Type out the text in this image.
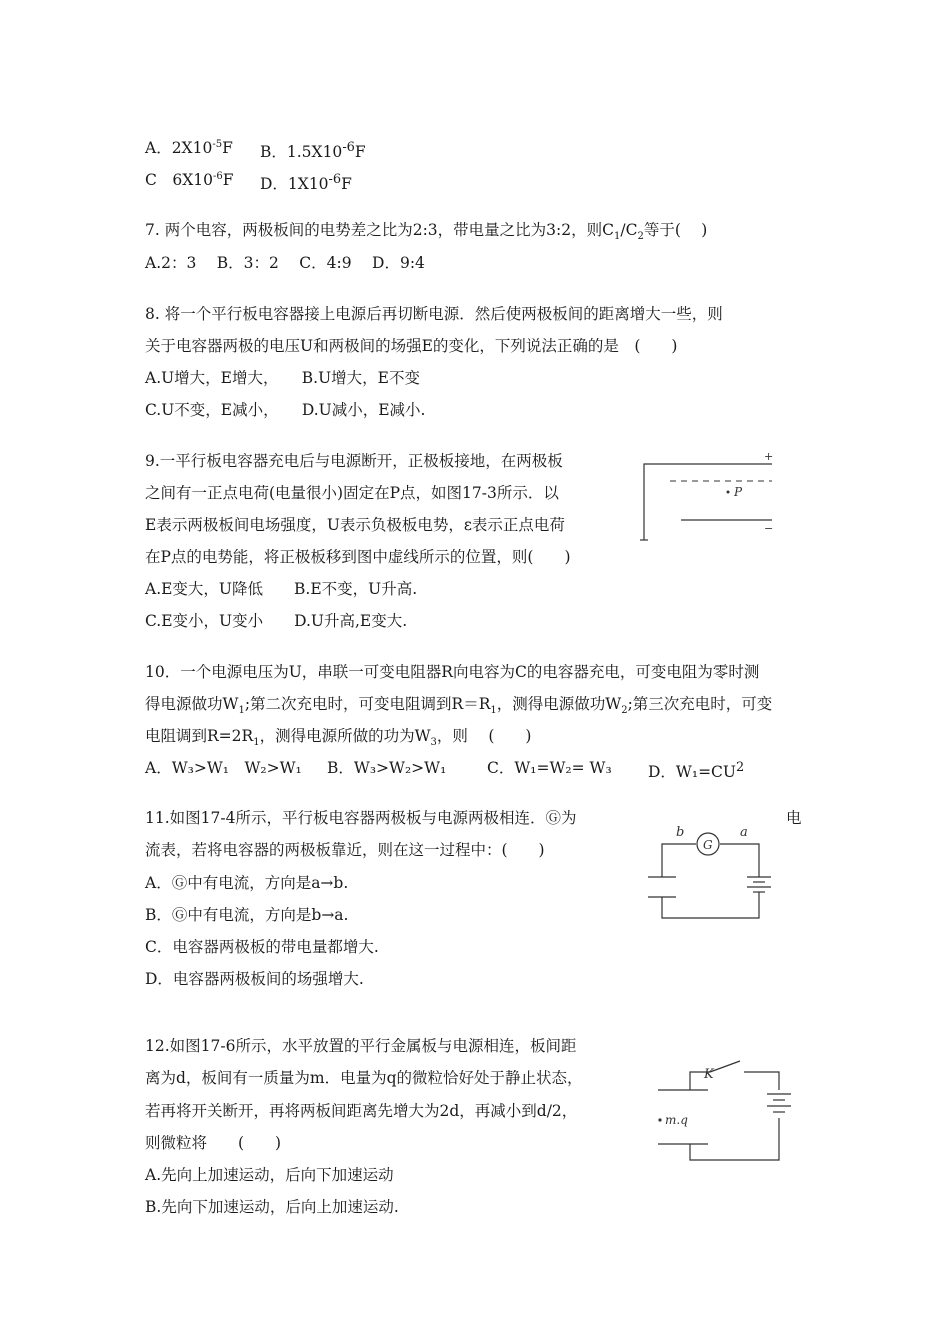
A．$2X10^{-5}F$ B．$1.5X10^{-6}F$
C　$6X10^{-6}F$ D．$1X10^{-6}F$
7. 两个电容，两极板间的电势差之比为2:3，带电量之比为3:2，则$C_1/C_2$等于(　 )
A.2：3　 B．3：2　 C．4:9　 D．9:4
8. 将一个平行板电容器接上电源后再切断电源．然后使两极板间的距离增大一些，则
关于电容器两极的电压U和两极间的场强E的变化，下列说法正确的是　(　　)
A.U增大，E增大，　　B.U增大，E不变
C.U不变，E减小，　　D.U减小，E减小.
9.一平行板电容器充电后与电源断开，正极板接地，在两极板
之间有一正点电荷(电量很小)固定在P点，如图17-3所示．以
E表示两极板间电场强度，U表示负极板电势，ε表示正点电荷
在P点的电势能，将正极板移到图中虚线所示的位置，则(　　)
A.E变大，U降低　　B.E不变，U升高.
C.E变小，U变小　　D.U升高,E变大.
P
+
−
10．一个电源电压为U，串联一可变电阻器R向电容为C的电容器充电，可变电阻为零时测
得电源做功$W_1$;第二次充电时，可变电阻调到$R=R_1$，测得电源做功$W_2$;第三次充电时，可变
电阻调到$R=2R_1$，测得电源所做的功为$W_3$，则　 (　　)
A．W₃>W₁　W₂>W₁ B．W₃>W₂>W₁	C．W₁=W₂= W₃ D．$W_1=CU^2$
11.如图17-4所示，平行板电容器两极板与电源两极相连．Ⓖ为	电
流表，若将电容器的两极板靠近，则在这一过程中：(　　)
A．Ⓖ中有电流，方向是a→b.
B．Ⓖ中有电流，方向是b→a.
C．电容器两极板的带电量都增大.
D．电容器两极板间的场强增大.
G
b	a
12.如图17-6所示，水平放置的平行金属板与电源相连，板间距
离为d，板间有一质量为m．电量为q的微粒恰好处于静止状态，
若再将开关断开，再将两板间距离先增大为2d，再减小到d/2，
则微粒将　　(　　)
A.先向上加速运动，后向下加速运动
B.先向下加速运动，后向上加速运动.
K
m.q
